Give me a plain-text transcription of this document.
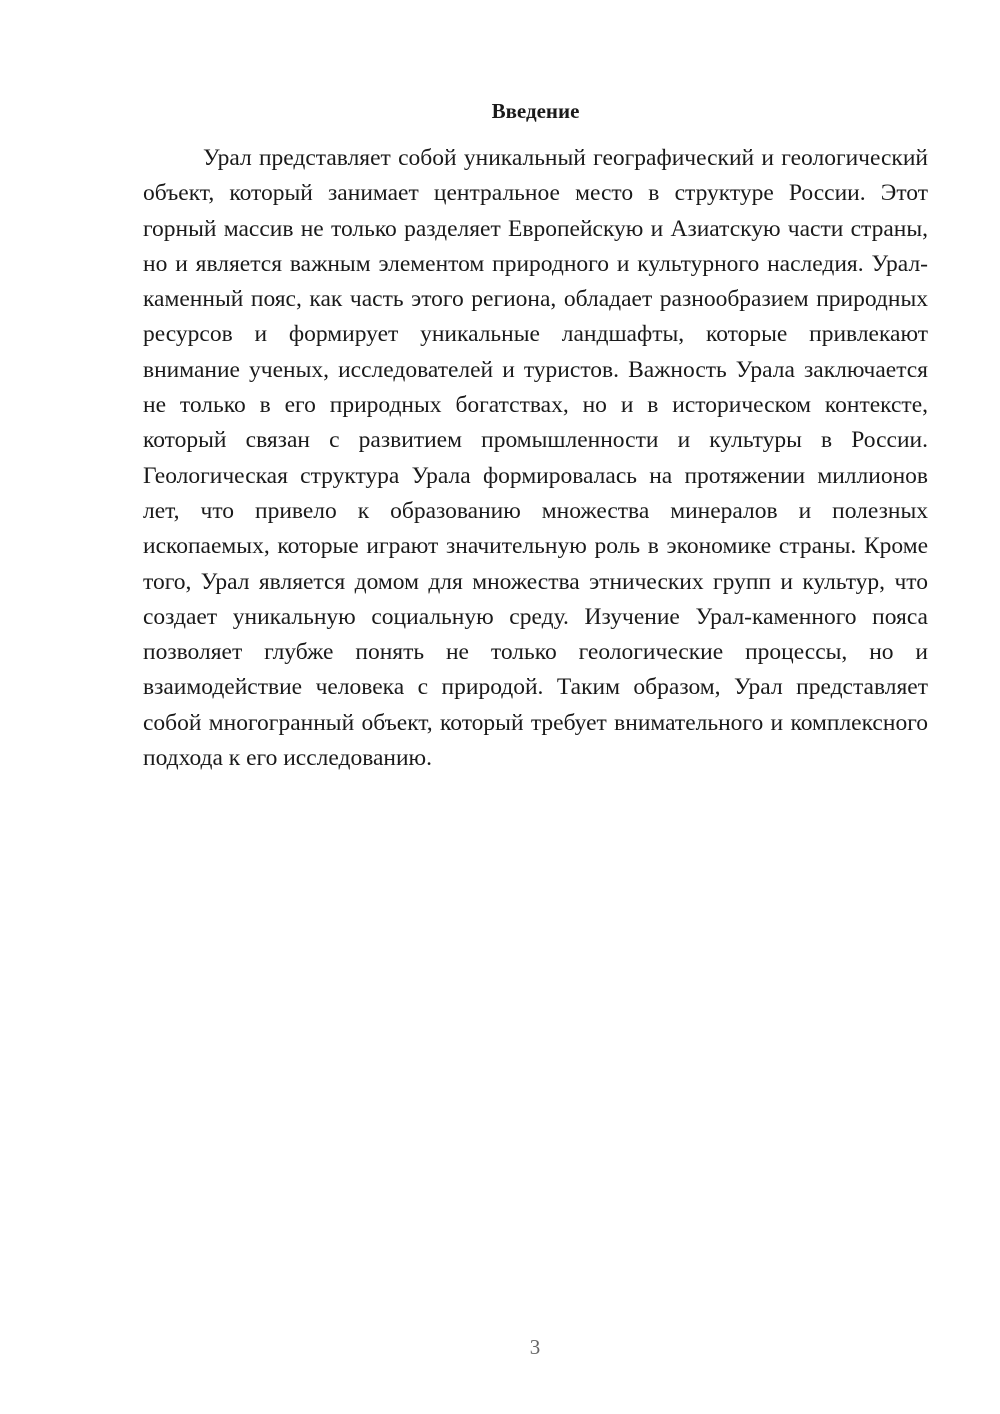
Введение

Урал представляет собой уникальный географический и геологический объект, который занимает центральное место в структуре России. Этот горный массив не только разделяет Европейскую и Азиатскую части страны, но и является важным элементом природного и культурного наследия. Урал-каменный пояс, как часть этого региона, обладает разнообразием природных ресурсов и формирует уникальные ландшафты, которые привлекают внимание ученых, исследователей и туристов. Важность Урала заключается не только в его природных богатствах, но и в историческом контексте, который связан с развитием промышленности и культуры в России. Геологическая структура Урала формировалась на протяжении миллионов лет, что привело к образованию множества минералов и полезных ископаемых, которые играют значительную роль в экономике страны. Кроме того, Урал является домом для множества этнических групп и культур, что создает уникальную социальную среду. Изучение Урал-каменного пояса позволяет глубже понять не только геологические процессы, но и взаимодействие человека с природой. Таким образом, Урал представляет собой многогранный объект, который требует внимательного и комплексного подхода к его исследованию.

3
